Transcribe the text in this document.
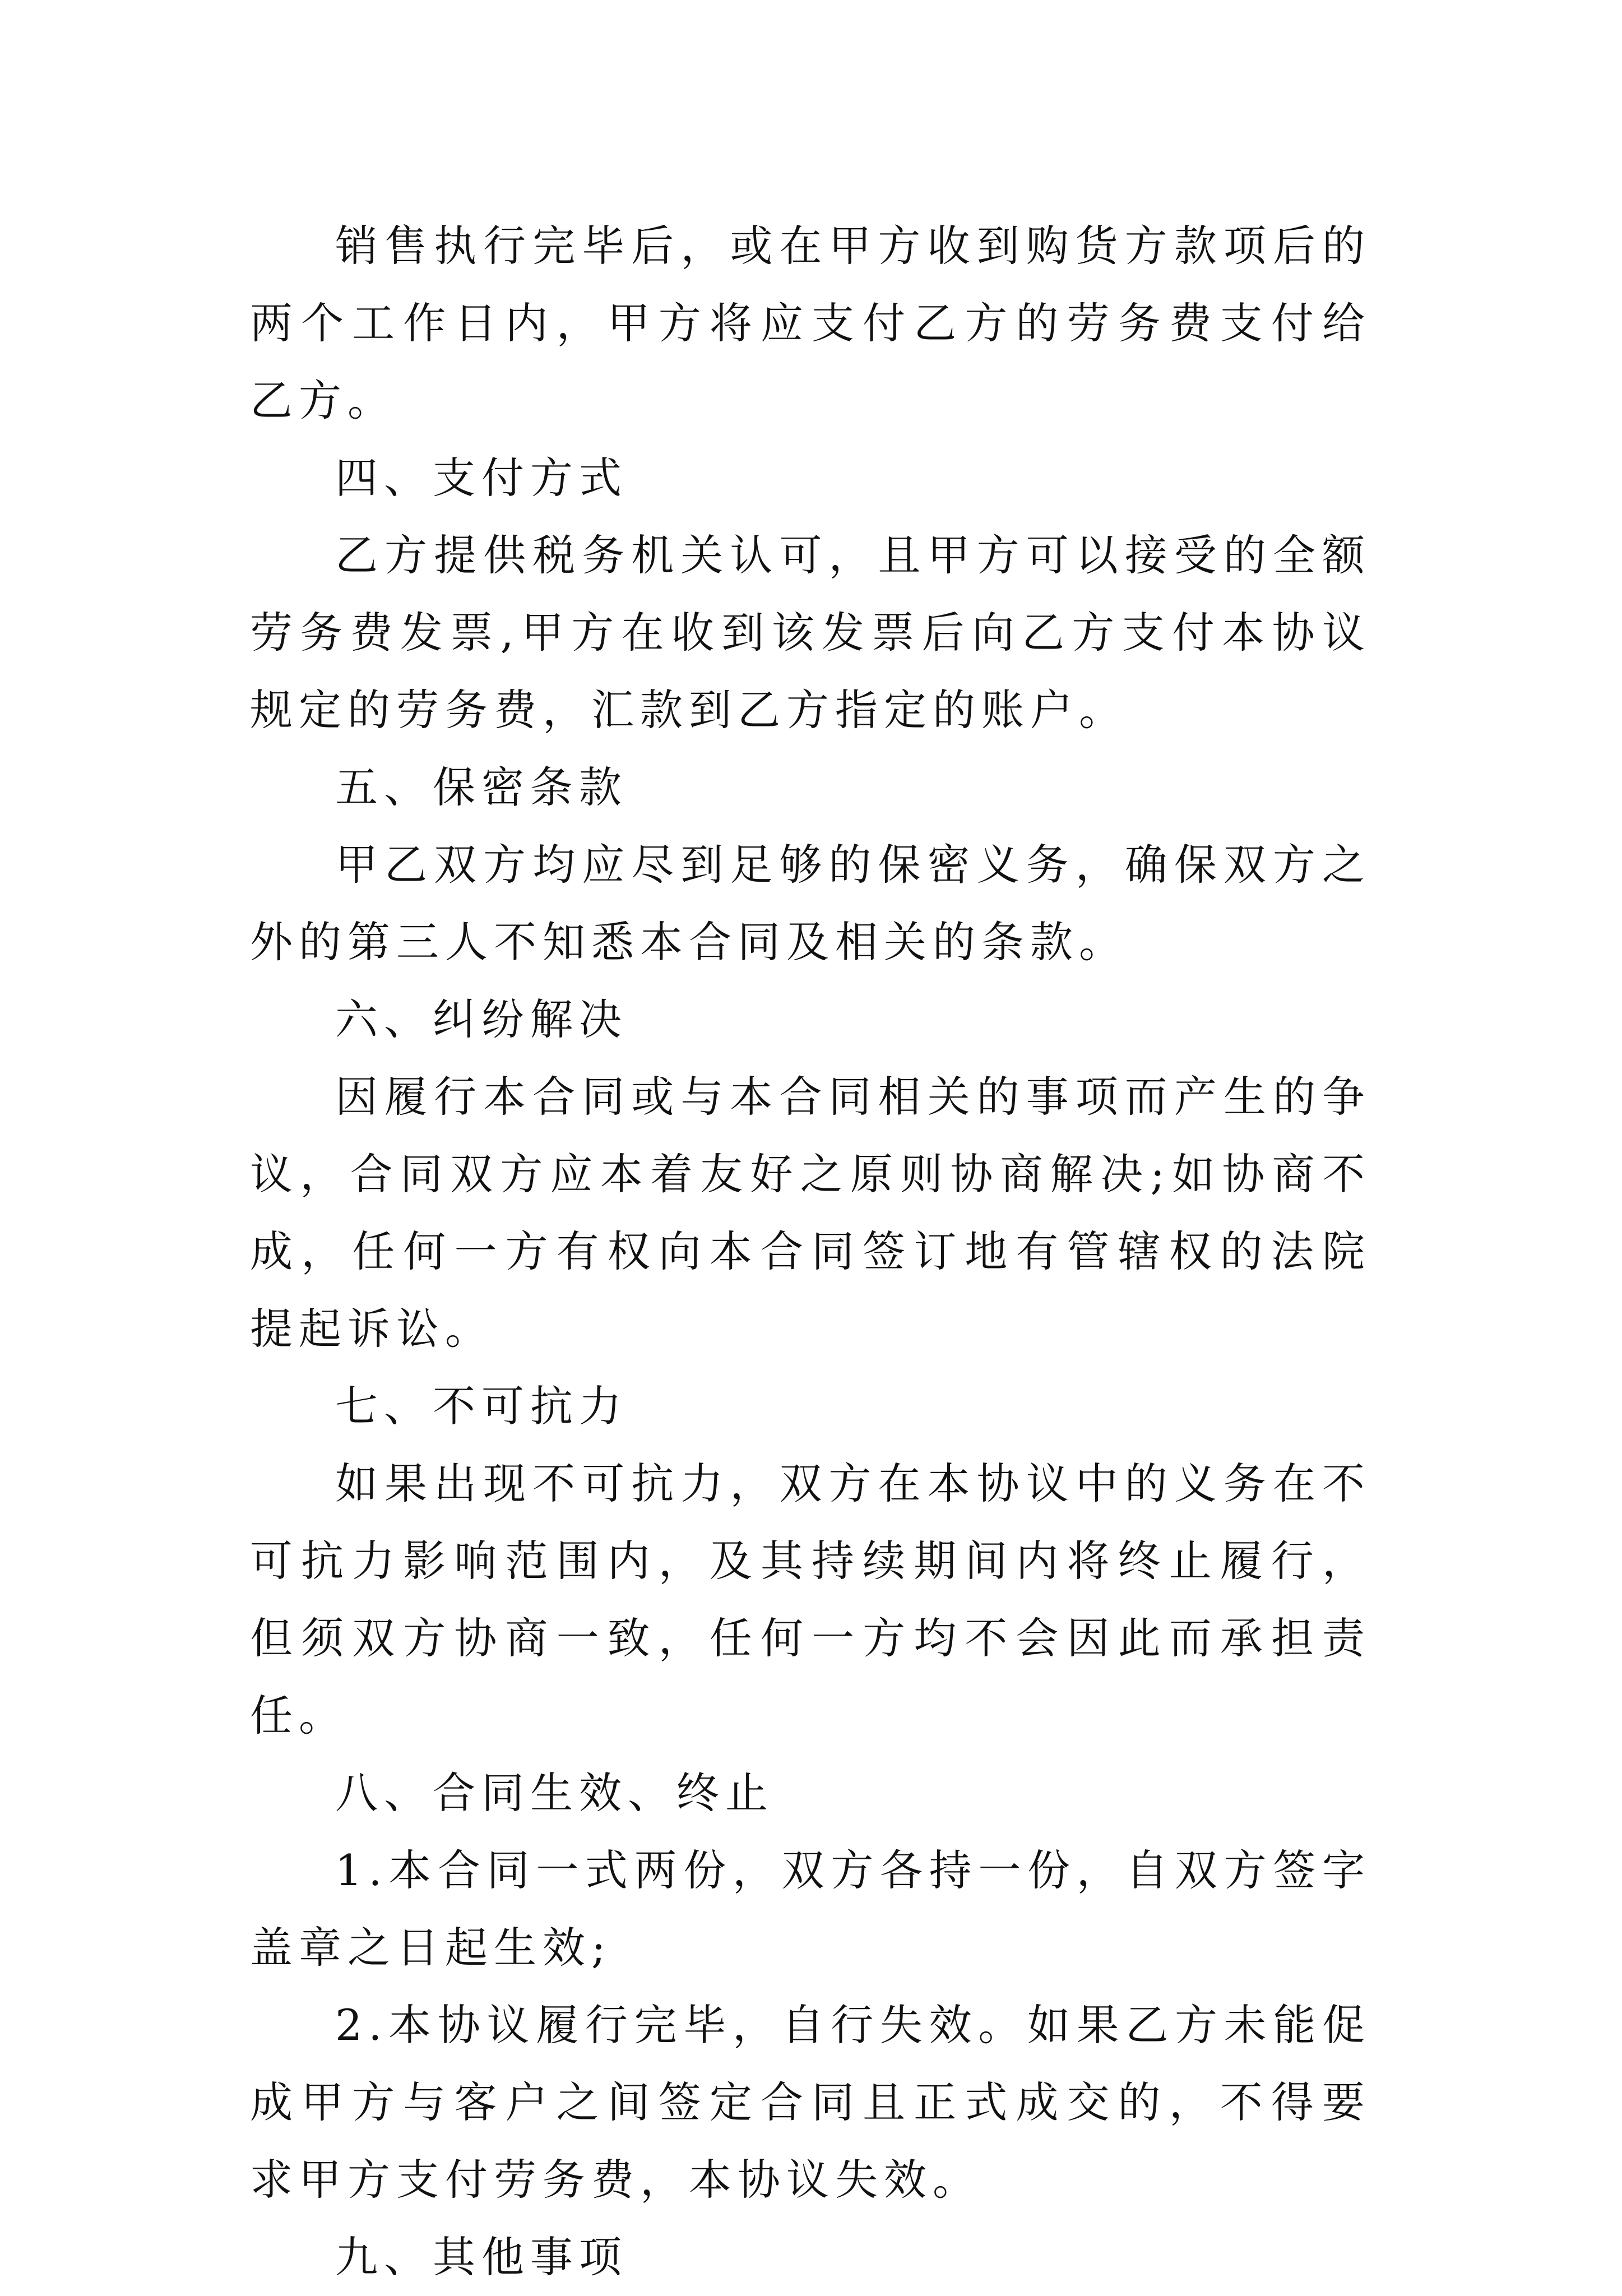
销售执行完毕后，或在甲方收到购货方款项后的两个工作日内，甲方将应支付乙方的劳务费支付给乙方。

四、支付方式

乙方提供税务机关认可，且甲方可以接受的全额劳务费发票,甲方在收到该发票后向乙方支付本协议规定的劳务费，汇款到乙方指定的账户。

五、保密条款

甲乙双方均应尽到足够的保密义务，确保双方之外的第三人不知悉本合同及相关的条款。

六、纠纷解决

因履行本合同或与本合同相关的事项而产生的争议，合同双方应本着友好之原则协商解决;如协商不成，任何一方有权向本合同签订地有管辖权的法院提起诉讼。

七、不可抗力

如果出现不可抗力，双方在本协议中的义务在不可抗力影响范围内，及其持续期间内将终止履行，但须双方协商一致，任何一方均不会因此而承担责任。

八、合同生效、终止

1.本合同一式两份，双方各持一份，自双方签字盖章之日起生效;

2.本协议履行完毕，自行失效。如果乙方未能促成甲方与客户之间签定合同且正式成交的，不得要求甲方支付劳务费，本协议失效。

九、其他事项
